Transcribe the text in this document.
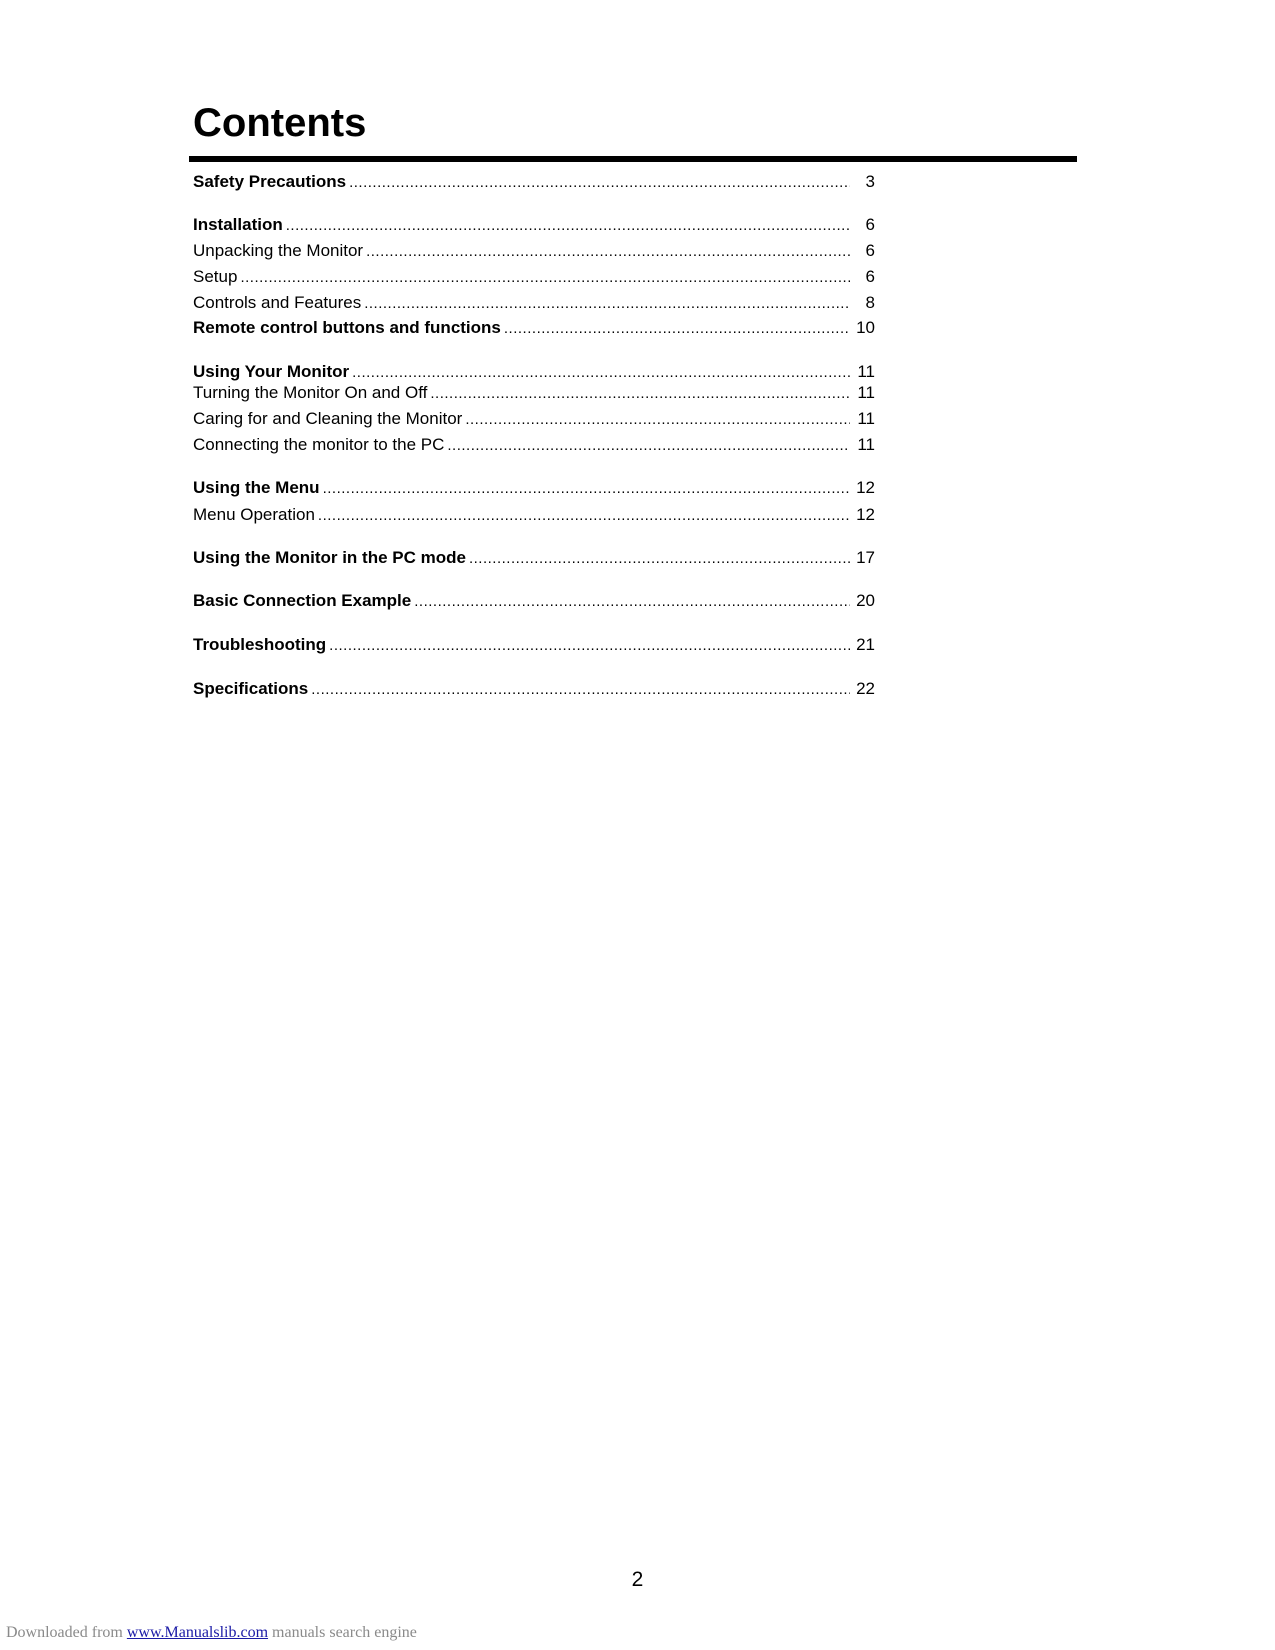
Contents
Safety Precautions .....	3
Installation .....	6
Unpacking the Monitor .....	6
Setup .....	6
Controls and Features .....	8
Remote control buttons and functions .....	10
Using Your Monitor .....	11
Turning the Monitor On and Off .....	11
Caring for and Cleaning the Monitor .....	11
Connecting the monitor to the PC .....	11
Using the Menu .....	12
Menu Operation .....	12
Using the Monitor in the PC mode .....	17
Basic Connection Example .....	20
Troubleshooting .....	21
Specifications .....	22
2
Downloaded from www.Manualslib.com manuals search engine
